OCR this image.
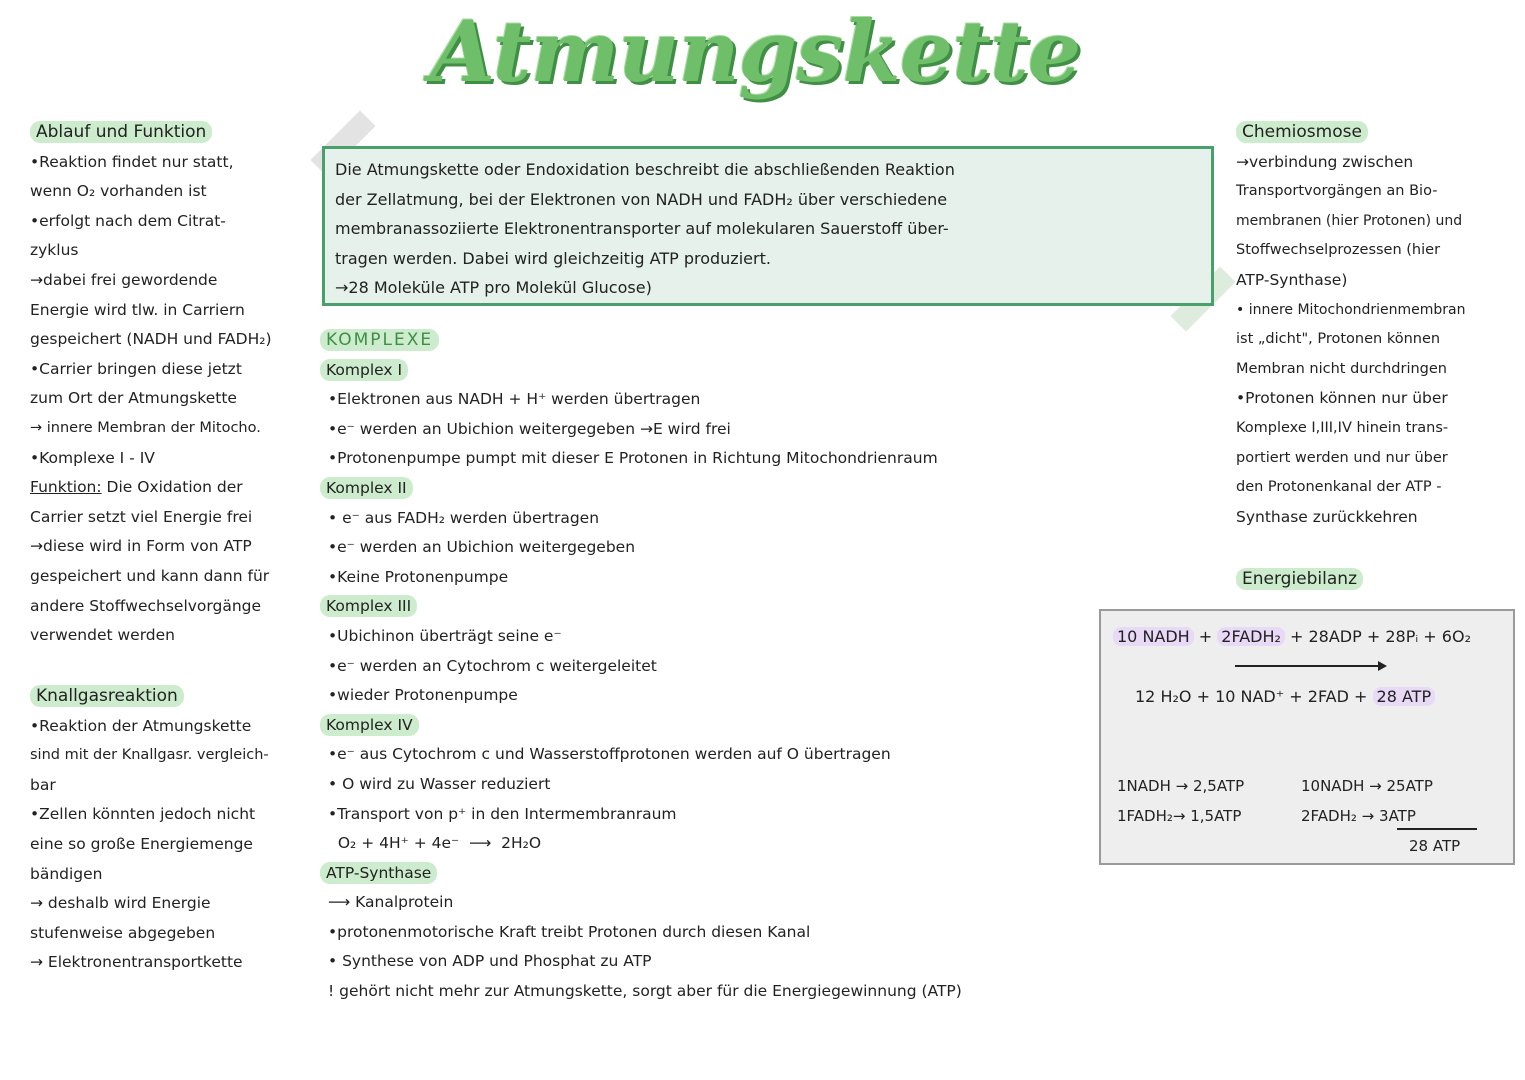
Atmungskette
Ablauf und Funktion
•Reaktion findet nur statt,
wenn O₂ vorhanden ist
•erfolgt nach dem Citrat-
zyklus
→dabei frei gewordende
Energie wird tlw. in Carriern
gespeichert (NADH und FADH₂)
•Carrier bringen diese jetzt
zum Ort der Atmungskette
→ innere Membran der Mitocho.
•Komplexe I - IV
Funktion: Die Oxidation der
Carrier setzt viel Energie frei
→diese wird in Form von ATP
gespeichert und kann dann für
andere Stoffwechselvorgänge
verwendet werden
Knallgasreaktion
•Reaktion der Atmungskette
sind mit der Knallgasr. vergleich-
bar
•Zellen könnten jedoch nicht
eine so große Energiemenge
bändigen
→ deshalb wird Energie
stufenweise abgegeben
→ Elektronentransportkette
Die Atmungskette oder Endoxidation beschreibt die abschließenden Reaktion
der Zellatmung, bei der Elektronen von NADH und FADH₂ über verschiedene
membranassoziierte Elektronentransporter auf molekularen Sauerstoff über-
tragen werden. Dabei wird gleichzeitig ATP produziert.
→28 Moleküle ATP pro Molekül Glucose)
KOMPLEXE
Komplex I
•Elektronen aus NADH + H⁺ werden übertragen
•e⁻ werden an Ubichion weitergegeben →E wird frei
•Protonenpumpe pumpt mit dieser E Protonen in Richtung Mitochondrienraum
Komplex II
• e⁻ aus FADH₂ werden übertragen
•e⁻ werden an Ubichion weitergegeben
•Keine Protonenpumpe
Komplex III
•Ubichinon überträgt seine e⁻
•e⁻ werden an Cytochrom c weitergeleitet
•wieder Protonenpumpe
Komplex IV
•e⁻ aus Cytochrom c und Wasserstoffprotonen werden auf O übertragen
• O wird zu Wasser reduziert
•Transport von p⁺ in den Intermembranraum
O₂ + 4H⁺ + 4e⁻  ⟶  2H₂O
ATP-Synthase
⟶ Kanalprotein
•protonenmotorische Kraft treibt Protonen durch diesen Kanal
• Synthese von ADP und Phosphat zu ATP
! gehört nicht mehr zur Atmungskette, sorgt aber für die Energiegewinnung (ATP)
Chemiosmose
→verbindung zwischen
Transportvorgängen an Bio-
membranen (hier Protonen) und
Stoffwechselprozessen (hier
ATP-Synthase)
• innere Mitochondrienmembran
ist „dicht", Protonen können
Membran nicht durchdringen
•Protonen können nur über
Komplexe I,III,IV hinein trans-
portiert werden und nur über
den Protonenkanal der ATP -
Synthase zurückkehren
Energiebilanz
10 NADH + 2FADH₂ + 28ADP + 28Pᵢ + 6O₂
12 H₂O + 10 NAD⁺ + 2FAD + 28 ATP
1NADH → 2,5ATP	10NADH → 25ATP
1FADH₂→ 1,5ATP	2FADH₂ → 3ATP
28 ATP
